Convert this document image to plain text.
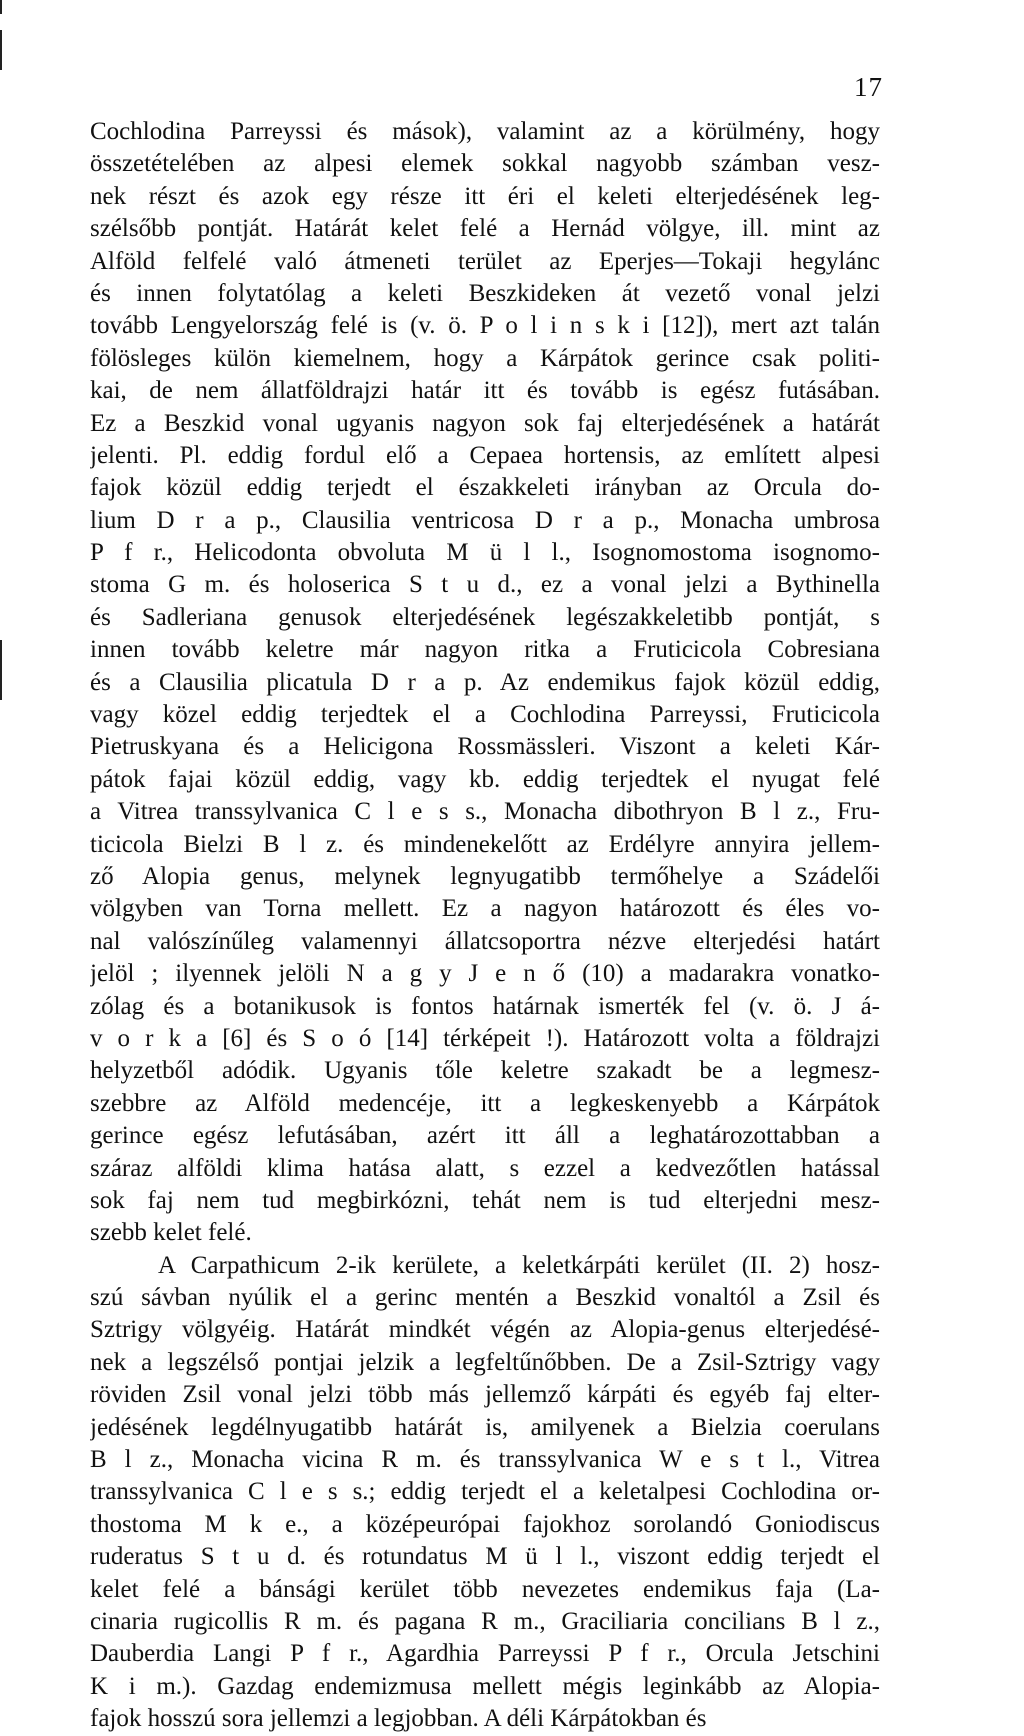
17
Cochlodina Parreyssi és mások), valamint az a körülmény, hogy
összetételében az alpesi elemek sokkal nagyobb számban vesz-
nek részt és azok egy része itt éri el keleti elterjedésének leg-
szélsőbb pontját. Határát kelet felé a Hernád völgye, ill. mint az
Alföld felfelé való átmeneti terület az Eperjes—Tokaji hegylánc
és innen folytatólag a keleti Beszkideken át vezető vonal jelzi
tovább Lengyelország felé is (v. ö. P o l i n s k i [12]), mert azt talán
fölösleges külön kiemelnem, hogy a Kárpátok gerince csak politi-
kai, de nem állatföldrajzi határ itt és tovább is egész futásában.
Ez a Beszkid vonal ugyanis nagyon sok faj elterjedésének a határát
jelenti. Pl. eddig fordul elő a Cepaea hortensis, az említett alpesi
fajok közül eddig terjedt el északkeleti irányban az Orcula do-
lium D r a p., Clausilia ventricosa D r a p., Monacha umbrosa
P f r., Helicodonta obvoluta M ü l l., Isognomostoma isognomo-
stoma G m. és holoserica S t u d., ez a vonal jelzi a Bythinella
és Sadleriana genusok elterjedésének legészakkeletibb pontját, s
innen tovább keletre már nagyon ritka a Fruticicola Cobresiana
és a Clausilia plicatula D r a p. Az endemikus fajok közül eddig,
vagy közel eddig terjedtek el a Cochlodina Parreyssi, Fruticicola
Pietruskyana és a Helicigona Rossmässleri. Viszont a keleti Kár-
pátok fajai közül eddig, vagy kb. eddig terjedtek el nyugat felé
a Vitrea transsylvanica C l e s s., Monacha dibothryon B l z., Fru-
ticicola Bielzi B l z. és mindenekelőtt az Erdélyre annyira jellem-
ző Alopia genus, melynek legnyugatibb termőhelye a Szádelői
völgyben van Torna mellett. Ez a nagyon határozott és éles vo-
nal valószínűleg valamennyi állatcsoportra nézve elterjedési határt
jelöl ; ilyennek jelöli N a g y J e n ő (10) a madarakra vonatko-
zólag és a botanikusok is fontos határnak ismerték fel (v. ö. J á-
v o r k a [6] és S o ó [14] térképeit !). Határozott volta a földrajzi
helyzetből adódik. Ugyanis tőle keletre szakadt be a legmesz-
szebbre az Alföld medencéje, itt a legkeskenyebb a Kárpátok
gerince egész lefutásában, azért itt áll a leghatározottabban a
száraz alföldi klima hatása alatt, s ezzel a kedvezőtlen hatással
sok faj nem tud megbirkózni, tehát nem is tud elterjedni mesz-
szebb kelet felé.
A Carpathicum 2-ik kerülete, a keletkárpáti kerület (II. 2) hosz-
szú sávban nyúlik el a gerinc mentén a Beszkid vonaltól a Zsil és
Sztrigy völgyéig. Határát mindkét végén az Alopia-genus elterjedésé-
nek a legszélső pontjai jelzik a legfeltűnőbben. De a Zsil-Sztrigy vagy
röviden Zsil vonal jelzi több más jellemző kárpáti és egyéb faj elter-
jedésének legdélnyugatibb határát is, amilyenek a Bielzia coerulans
B l z., Monacha vicina R m. és transsylvanica W e s t l., Vitrea
transsylvanica C l e s s.; eddig terjedt el a keletalpesi Cochlodina or-
thostoma M k e., a középeurópai fajokhoz sorolandó Goniodiscus
ruderatus S t u d. és rotundatus M ü l l., viszont eddig terjedt el
kelet felé a bánsági kerület több nevezetes endemikus faja (La-
cinaria rugicollis R m. és pagana R m., Graciliaria concilians B l z.,
Dauberdia Langi P f r., Agardhia Parreyssi P f r., Orcula Jetschini
K i m.). Gazdag endemizmusa mellett mégis leginkább az Alopia-
fajok hosszú sora jellemzi a legjobban. A déli Kárpátokban és
